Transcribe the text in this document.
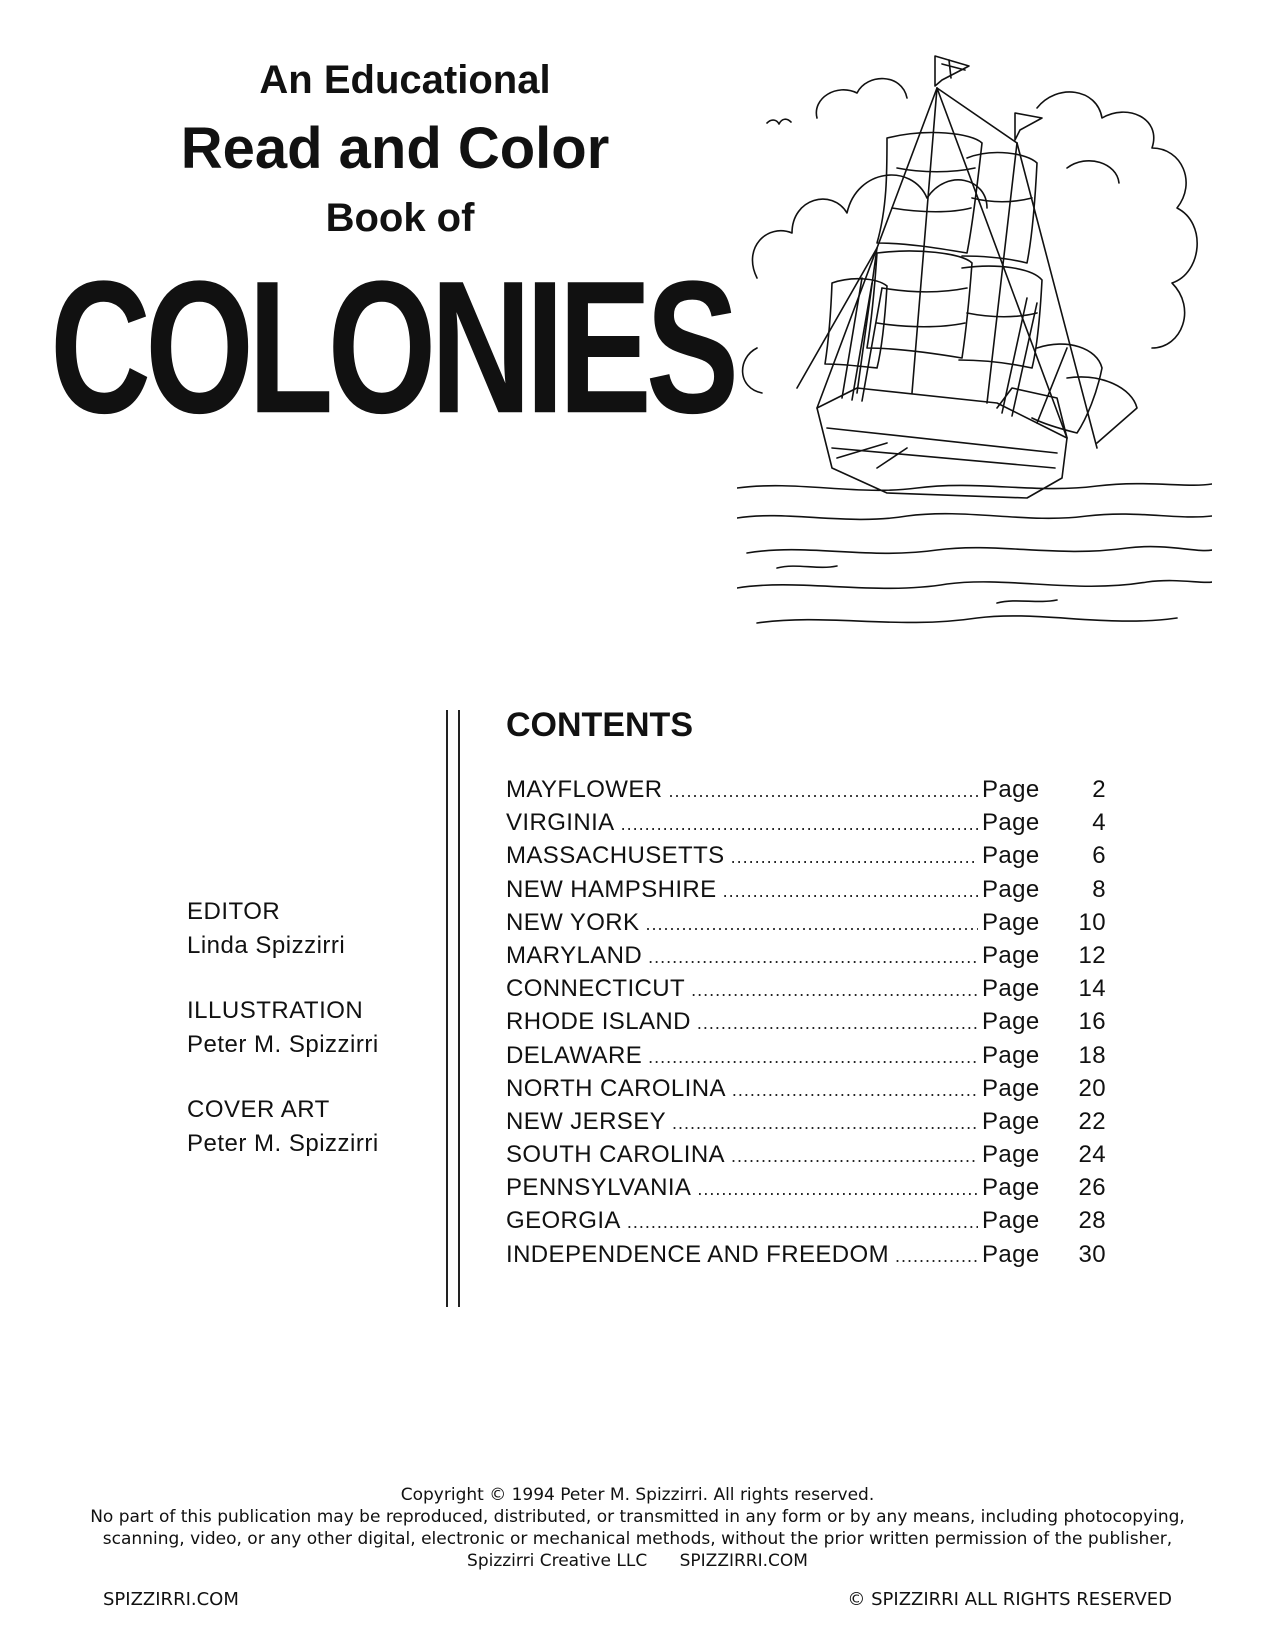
An Educational
Read and Color
Book of
COLONIES
EDITOR
Linda Spizzirri
ILLUSTRATION
Peter M. Spizzirri
COVER ART
Peter M. Spizzirri
CONTENTS
MAYFLOWER .....	Page	2
VIRGINIA .....	Page	4
MASSACHUSETTS .....	Page	6
NEW HAMPSHIRE .....	Page	8
NEW YORK .....	Page 10
MARYLAND .....	Page 12
CONNECTICUT .....	Page 14
RHODE ISLAND .....	Page 16
DELAWARE .....	Page 18
NORTH CAROLINA .....	Page 20
NEW JERSEY .....	Page 22
SOUTH CAROLINA .....	Page 24
PENNSYLVANIA .....	Page 26
GEORGIA .....	Page 28
INDEPENDENCE AND FREEDOM .....	Page 30
Copyright © 1994 Peter M. Spizzirri. All rights reserved.
No part of this publication may be reproduced, distributed, or transmitted in any form or by any means, including photocopying,
scanning, video, or any other digital, electronic or mechanical methods, without the prior written permission of the publisher,
Spizzirri Creative LLC      SPIZZIRRI.COM
SPIZZIRRI.COM	© SPIZZIRRI ALL RIGHTS RESERVED
